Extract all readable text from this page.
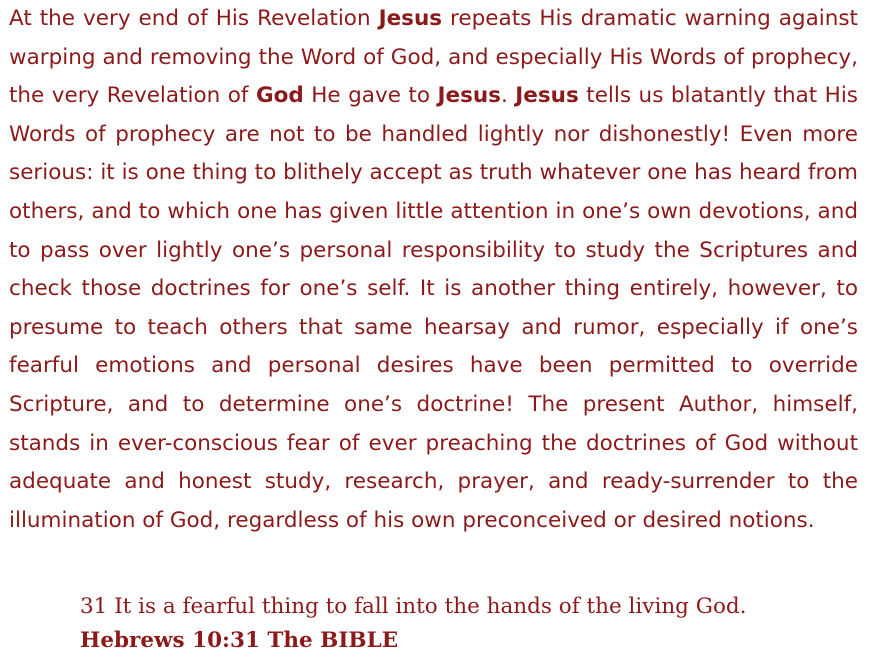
At the very end of His Revelation Jesus repeats His dramatic warning against warping and removing the Word of God, and especially His Words of prophecy, the very Revelation of God He gave to Jesus. Jesus tells us blatantly that His Words of prophecy are not to be handled lightly nor dishonestly! Even more serious: it is one thing to blithely accept as truth whatever one has heard from others, and to which one has given little attention in one’s own devotions, and to pass over lightly one’s personal responsibility to study the Scriptures and check those doctrines for one’s self. It is another thing entirely, however, to presume to teach others that same hearsay and rumor, especially if one’s fearful emotions and personal desires have been permitted to override Scripture, and to determine one’s doctrine! The present Author, himself, stands in ever-conscious fear of ever preaching the doctrines of God without adequate and honest study, research, prayer, and ready-surrender to the illumination of God, regardless of his own preconceived or desired notions.

31 It is a fearful thing to fall into the hands of the living God.
Hebrews 10:31 The BIBLE
